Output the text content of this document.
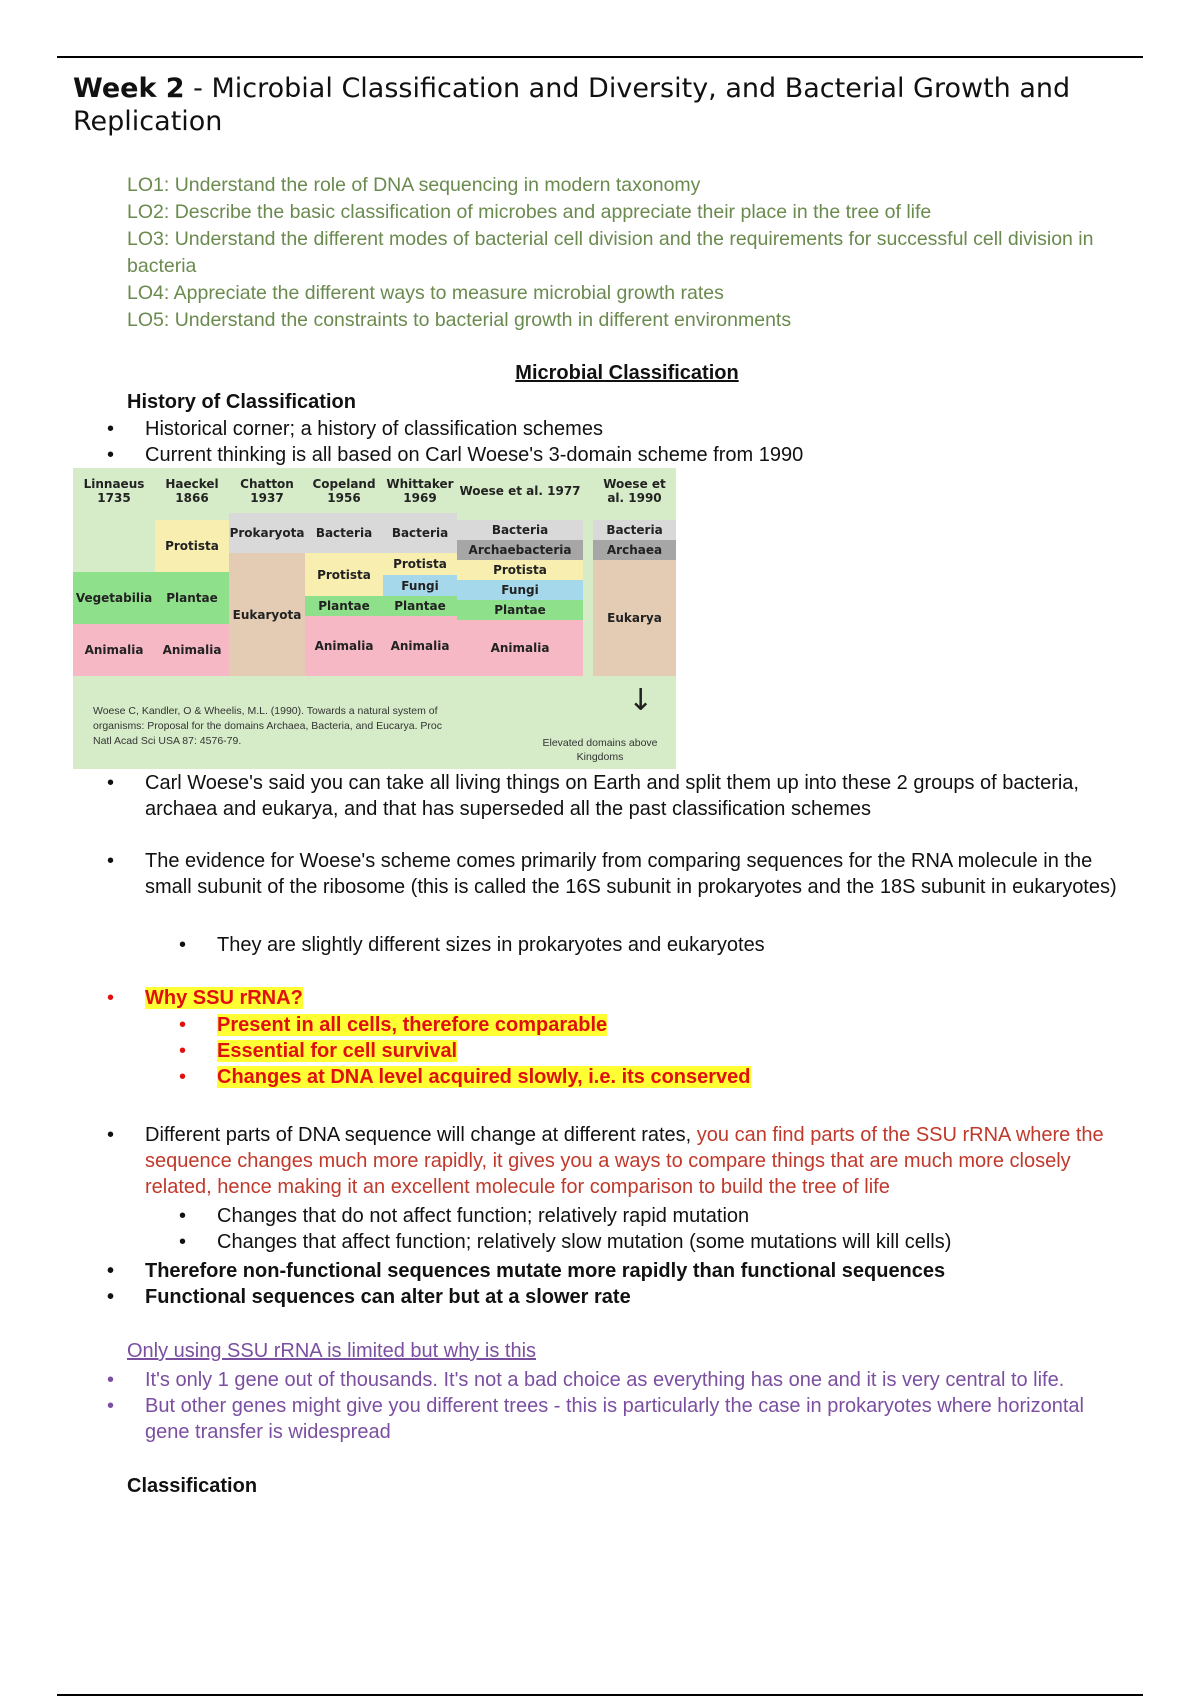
Week 2 - Microbial Classification and Diversity, and Bacterial Growth and Replication
LO1: Understand the role of DNA sequencing in modern taxonomy
LO2: Describe the basic classification of microbes and appreciate their place in the tree of life
LO3: Understand the different modes of bacterial cell division and the requirements for successful cell division in bacteria
LO4: Appreciate the different ways to measure microbial growth rates
LO5: Understand the constraints to bacterial growth in different environments
Microbial Classification
History of Classification
• Historical corner; a history of classification schemes
• Current thinking is all based on Carl Woese's 3-domain scheme from 1990
Linnaeus 1735
Haeckel 1866
Chatton 1937
Copeland 1956
Whittaker 1969	Woese et al. 1977	Woese et al. 1990
Protista
Plantae
Animalia
Vegetabilia
Animalia
Prokaryota
Eukaryota
Bacteria
Protista
Plantae
Animalia
Bacteria
Protista
Fungi
Plantae
Animalia
Bacteria
Archaebacteria
Protista
Fungi
Plantae
Animalia
Bacteria
Archaea
Eukarya
Woese C, Kandler, O & Wheelis, M.L. (1990). Towards a natural system of organisms: Proposal for the domains Archaea, Bacteria, and Eucarya. Proc Natl Acad Sci USA 87: 4576-79.
↓
Elevated domains above Kingdoms
• Carl Woese's said you can take all living things on Earth and split them up into these 2 groups of bacteria, archaea and eukarya, and that has superseded all the past classification schemes
• The evidence for Woese's scheme comes primarily from comparing sequences for the RNA molecule in the small subunit of the ribosome (this is called the 16S subunit in prokaryotes and the 18S subunit in eukaryotes)
• They are slightly different sizes in prokaryotes and eukaryotes
• Why SSU rRNA?
• Present in all cells, therefore comparable
• Essential for cell survival
• Changes at DNA level acquired slowly, i.e. its conserved
• Different parts of DNA sequence will change at different rates, you can find parts of the SSU rRNA where the sequence changes much more rapidly, it gives you a ways to compare things that are much more closely related, hence making it an excellent molecule for comparison to build the tree of life
• Changes that do not affect function; relatively rapid mutation
• Changes that affect function; relatively slow mutation (some mutations will kill cells)
• Therefore non-functional sequences mutate more rapidly than functional sequences
• Functional sequences can alter but at a slower rate
Only using SSU rRNA is limited but why is this
• It's only 1 gene out of thousands. It's not a bad choice as everything has one and it is very central to life.
• But other genes might give you different trees - this is particularly the case in prokaryotes where horizontal gene transfer is widespread
Classification
